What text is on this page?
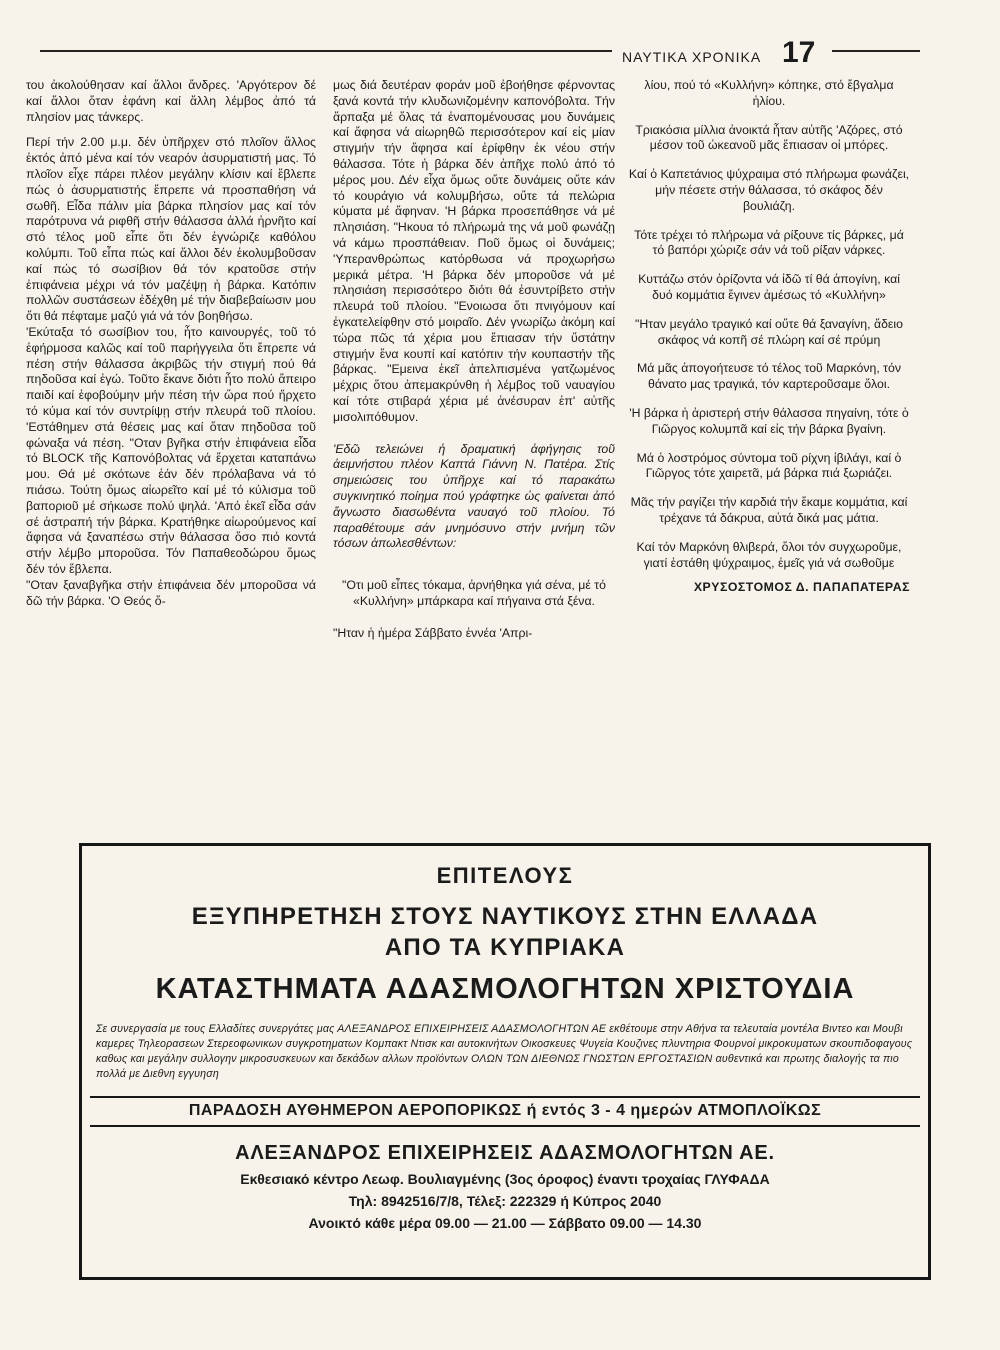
ΝΑΥΤΙΚΑ ΧΡΟΝΙΚΑ 17

του ἀκολούθησαν καί ἄλλοι ἄνδρες. 'Αργότερον δέ καί ἄλλοι ὅταν ἐφάνη καί ἄλλη λέμβος ἀπό τά πλησίον μας τάνκερς.

Περί τήν 2.00 μ.μ. δέν ὑπῆρχεν στό πλοῖον ἄλλος ἐκτός ἀπό μένα καί τόν νεαρόν ἀσυρματιστή μας. Τό πλοῖον εἶχε πάρει πλέον μεγάλην κλίσιν καί ἔβλεπε πώς ὁ ἀσυρματιστής ἔπρεπε νά προσπαθήση νά σωθῆ. Εἶδα πάλιν μία βάρκα πλησίον μας καί τόν παρότρυνα νά ριφθῆ στήν θάλασσα ἀλλά ἠρνῆτο καί στό τέλος μοῦ εἶπε ὅτι δέν ἐγνώριζε καθόλου κολύμπι. Τοῦ εἶπα πώς καί ἄλλοι δέν ἐκολυμβοῦσαν καί πώς τό σωσίβιον θά τόν κρατοῦσε στήν ἐπιφάνεια μέχρι νά τόν μαζέψῃ ἡ βάρκα. Κατόπιν πολλῶν συστάσεων ἐδέχθη μέ τήν διαβεβαίωσιν μου ὅτι θά πέφταμε μαζύ γιά νά τόν βοηθήσω.

'Εκύταξα τό σωσίβιον του, ἦτο καινουργές, τοῦ τό ἐφήρμοσα καλῶς καί τοῦ παρήγγειλα ὅτι ἔπρεπε νά πέση στήν θάλασσα ἀκριβῶς τήν στιγμή πού θά πηδοῦσα καί ἐγώ. Τοῦτο ἔκανε διότι ἦτο πολύ ἄπειρο παιδί καί ἐφοβούμην μήν πέση τήν ὥρα πού ἤρχετο τό κύμα καί τόν συντρίψῃ στήν πλευρά τοῦ πλοίου. 'Εστάθημεν στά θέσεις μας καί ὅταν πηδοῦσα τοῦ φώναξα νά πέση. "Οταν βγῆκα στήν ἐπιφάνεια εἶδα τό BLOCK τῆς Καπονόβολτας νά ἔρχεται καταπάνω μου. Θά μέ σκότωνε ἐάν δέν πρόλαβανα νά τό πιάσω. Τούτη ὅμως αἰωρεῖτο καί μέ τό κύλισμα τοῦ βαποριοῦ μέ σήκωσε πολύ ψηλά. 'Από ἐκεῖ εἶδα σάν σέ ἀστραπή τήν βάρκα. Κρατήθηκε αἰωρούμενος καί ἄφησα νά ξαναπέσω στήν θάλασσα ὅσο πιό κοντά στήν λέμβο μποροῦσα. Τόν Παπαθεοδώρου ὅμως δέν τόν ἔβλεπα.

"Οταν ξαναβγῆκα στήν ἐπιφάνεια δέν μποροῦσα νά δῶ τήν βάρκα. 'Ο Θεός ὅ-

μως διά δευτέραν φοράν μοῦ ἐβοήθησε φέρνοντας ξανά κοντά τήν κλυδωνιζομένην καπονόβολτα. Τήν ἅρπαξα μέ ὅλας τά ἐναπομένουσας μου δυνάμεις καί ἄφησα νά αἰωρηθῶ περισσότερον καί εἰς μίαν στιγμήν τήν ἄφησα καί ἐρίφθην ἐκ νέου στήν θάλασσα. Τότε ἡ βάρκα δέν ἀπῆχε πολύ ἀπό τό μέρος μου. Δέν εἶχα ὅμως οὔτε δυνάμεις οὔτε κάν τό κουράγιο νά κολυμβήσω, οὔτε τά πελώρια κύματα μέ ἄφηναν. 'Η βάρκα προσεπάθησε νά μέ πλησιάση. "Ηκουα τό πλήρωμά της νά μοῦ φωνάζῃ νά κάμω προσπάθειαν. Ποῦ ὅμως οἱ δυνάμεις; 'Υπερανθρώπως κατόρθωσα νά προχωρήσω μερικά μέτρα. 'Η βάρκα δέν μποροῦσε νά μέ πλησιάση περισσότερο διότι θά ἐσυντρίβετο στήν πλευρά τοῦ πλοίου. "Ενοιωσα ὅτι πνιγόμουν καί ἐγκατελείφθην στό μοιραῖο. Δέν γνωρίζω ἀκόμη καί τώρα πῶς τά χέρια μου ἔπιασαν τήν ὕστάτην στιγμήν ἕνα κουπί καί κατόπιν τήν κουπαστήν τῆς βάρκας. "Εμεινα ἐκεῖ ἀπελπισμένα γατζωμένος μέχρις ὅτου ἀπεμακρύνθη ἡ λέμβος τοῦ ναυαγίου καί τότε στιβαρά χέρια μέ ἀνέσυραν ἐπ' αὐτῆς μισολιπόθυμον.

'Εδῶ τελειώνει ἡ δραματική ἀφήγησις τοῦ ἀειμνήστου πλέον Καπτά Γιάννη Ν. Πατέρα. Στίς σημειώσεις του ὑπῆρχε καί τό παρακάτω συγκινητικό ποίημα πού γράφτηκε ὡς φαίνεται ἀπό ἄγνωστο διασωθέντα ναυαγό τοῦ πλοίου. Τό παραθέτουμε σάν μνημόσυνο στήν μνήμη τῶν τόσων ἀπωλεσθέντων:

"Οτι μοῦ εἶπες τόκαμα, ἀρνήθηκα γιά σένα, μέ τό «Κυλλήνη» μπάρκαρα καί πήγαινα στά ξένα.

"Ηταν ἡ ἡμέρα Σάββατο ἐννέα 'Απρι-

λίου, πού τό «Κυλλήνη» κόπηκε, στό ἔβγαλμα ἡλίου.

Τριακόσια μίλλια ἀνοικτά ἦταν αὐτῆς 'Αζόρες, στό μέσον τοῦ ὠκεανοῦ μᾶς ἔπιασαν οἱ μπόρες.

Καί ὁ Καπετάνιος ψύχραιμα στό πλήρωμα φωνάζει, μήν πέσετε στήν θάλασσα, τό σκάφος δέν βουλιάζη.

Τότε τρέχει τό πλήρωμα νά ρίξουνε τίς βάρκες, μά τό βαπόρι χώριζε σάν νά τοῦ ρίξαν νάρκες.

Κυττάζω στόν ὁρίζοντα νά ἰδῶ τί θά ἀπογίνη, καί δυό κομμάτια ἔγινεν ἀμέσως τό «Κυλλήνη»

"Ηταν μεγάλο τραγικό καί οὔτε θά ξαναγίνη, ἄδειο σκάφος νά κοπῆ σέ πλώρη καί σέ πρύμη

Μά μᾶς ἀπογοήτευσε τό τέλος τοῦ Μαρκόνη, τόν θάνατο μας τραγικά, τόν καρτεροῦσαμε ὅλοι.

'Η βάρκα ἡ ἀριστερή στήν θάλασσα πηγαίνη, τότε ὁ Γιῶργος κολυμπᾶ καί εἰς τήν βάρκα βγαίνη.

Μά ὁ λοστρόμος σύντομα τοῦ ρίχνη ἰβιλάγι, καί ὁ Γιῶργος τότε χαιρετᾶ, μά βάρκα πιά ξωριάζει.

Μᾶς τήν ραγίζει τήν καρδιά τήν ἔκαμε κομμάτια, καί τρέχανε τά δάκρυα, αὐτά δικά μας μάτια.

Καί τόν Μαρκόνη θλιβερά, ὅλοι τόν συγχωροῦμε, γιατί ἐστάθη ψύχραιμος, ἐμεῖς γιά νά σωθοῦμε

ΧΡΥΣΟΣΤΟΜΟΣ Δ. ΠΑΠΑΠΑΤΕΡΑΣ
ΕΠΙΤΕΛΟΥΣ
ΕΞΥΠΗΡΕΤΗΣΗ ΣΤΟΥΣ ΝΑΥΤΙΚΟΥΣ ΣΤΗΝ ΕΛΛΑΔΑ
ΑΠΟ ΤΑ ΚΥΠΡΙΑΚΑ
ΚΑΤΑΣΤΗΜΑΤΑ ΑΔΑΣΜΟΛΟΓΗΤΩΝ ΧΡΙΣΤΟΥΔΙΑ
Σε συνεργασία με τους Ελλαδίτες συνεργάτες μας ΑΛΕΞΑΝΔΡΟΣ ΕΠΙΧΕΙΡΗΣΕΙΣ ΑΔΑΣΜΟΛΟΓΗΤΩΝ ΑΕ εκθέτουμε στην Αθήνα τα τελευταία μοντέλα Βιντεο και Μουβι καμερες Τηλεορασεων Στερεοφωνικων συγκροτηματων Κομπακτ Ντισκ και αυτοκινήτων Οικοσκευες Ψυγεία Κουζινες πλυντηρια Φουρνοί μικροκυματων σκουπιδοφαγους καθως και μεγάλην συλλογην μικροσυσκευων και δεκάδων αλλων προϊόντων ΟΛΩΝ ΤΩΝ ΔΙΕΘΝΩΣ ΓΝΩΣΤΩΝ ΕΡΓΟΣΤΑΣΙΩΝ αυθεντικά και πρωτης διαλογής τα πιο πολλά με Διεθνη εγγυηση
ΠΑΡΑΔΟΣΗ ΑΥΘΗΜΕΡΟΝ ΑΕΡΟΠΟΡΙΚΩΣ ή εντός 3 - 4 ημερών ΑΤΜΟΠΛΟΪΚΩΣ
ΑΛΕΞΑΝΔΡΟΣ ΕΠΙΧΕΙΡΗΣΕΙΣ ΑΔΑΣΜΟΛΟΓΗΤΩΝ ΑΕ.
Εκθεσιακό κέντρο Λεωφ. Βουλιαγμένης (3ος όροφος) έναντι τροχαίας ΓΛΥΦΑΔΑ
Τηλ: 8942516/7/8, Τέλεξ: 222329 ή Κύπρος 2040
Ανοικτό κάθε μέρα 09.00 — 21.00 — Σάββατο 09.00 — 14.30
